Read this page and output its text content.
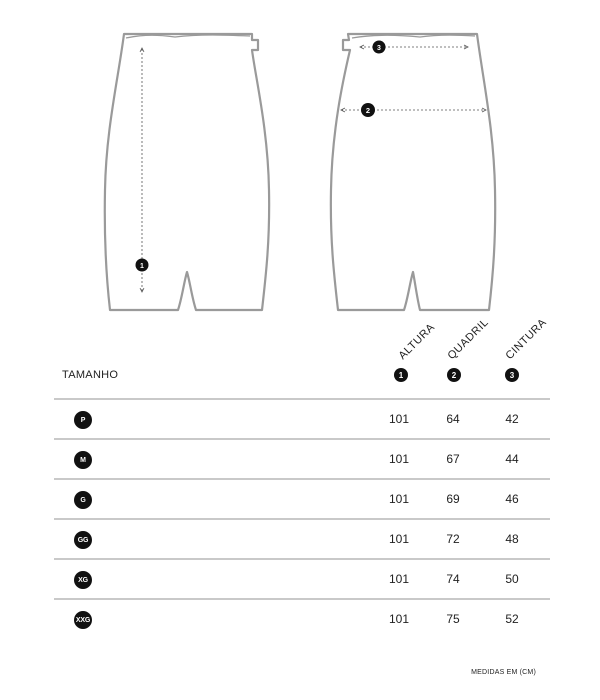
1
3
2
ALTURA QUADRIL CINTURA
TAMANHO	1	2	3
P	101	64	42
M	101	67	44
G	101	69	46
GG	101	72	48
XG	101	74	50
XXG	101	75	52
MEDIDAS EM (CM)
